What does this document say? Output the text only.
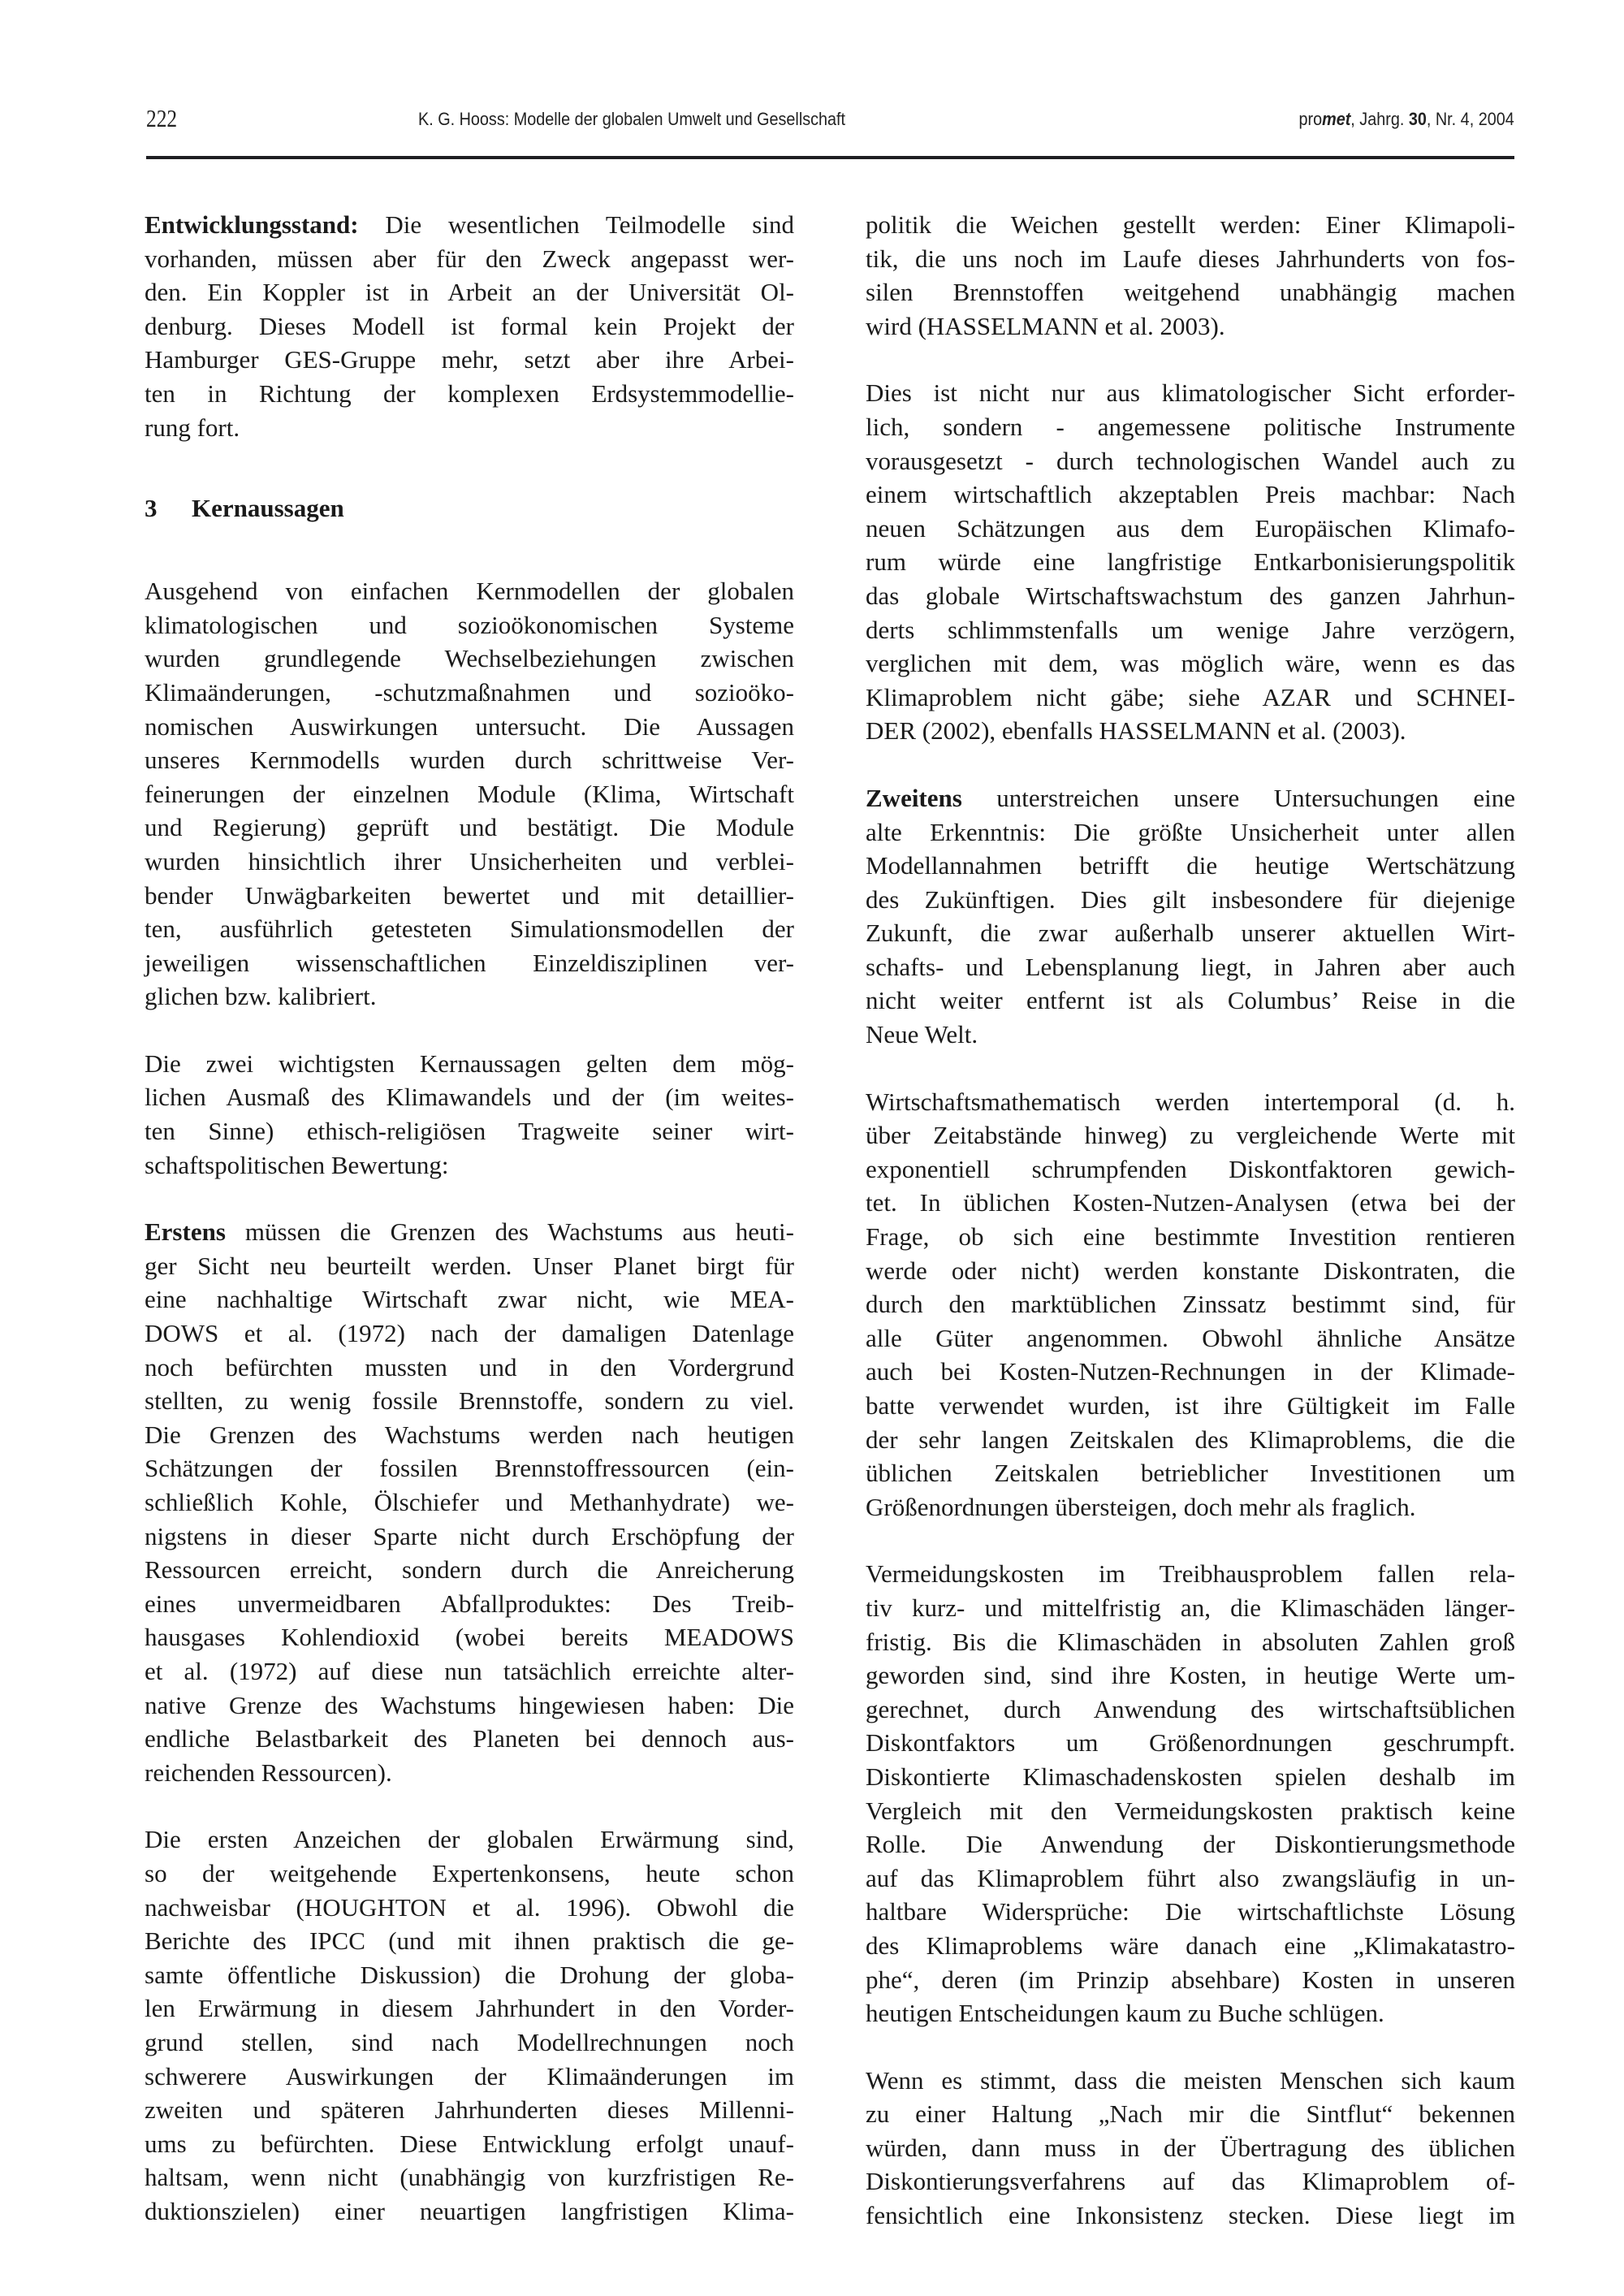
222	K. G. Hooss: Modelle der globalen Umwelt und Gesellschaft	promet, Jahrg. 30, Nr. 4, 2004
Entwicklungsstand: Die wesentlichen Teilmodelle sind
vorhanden, müssen aber für den Zweck angepasst wer-
den. Ein Koppler ist in Arbeit an der Universität Ol-
denburg. Dieses Modell ist formal kein Projekt der
Hamburger GES-Gruppe mehr, setzt aber ihre Arbei-
ten in Richtung der komplexen Erdsystemmodellie-
rung fort.
3 Kernaussagen
Ausgehend von einfachen Kernmodellen der globalen
klimatologischen und sozioökonomischen Systeme
wurden grundlegende Wechselbeziehungen zwischen
Klimaänderungen, -schutzmaßnahmen und sozioöko-
nomischen Auswirkungen untersucht. Die Aussagen
unseres Kernmodells wurden durch schrittweise Ver-
feinerungen der einzelnen Module (Klima, Wirtschaft
und Regierung) geprüft und bestätigt. Die Module
wurden hinsichtlich ihrer Unsicherheiten und verblei-
bender Unwägbarkeiten bewertet und mit detaillier-
ten, ausführlich getesteten Simulationsmodellen der
jeweiligen wissenschaftlichen Einzeldisziplinen ver-
glichen bzw. kalibriert.
Die zwei wichtigsten Kernaussagen gelten dem mög-
lichen Ausmaß des Klimawandels und der (im weites-
ten Sinne) ethisch-religiösen Tragweite seiner wirt-
schaftspolitischen Bewertung:
Erstens müssen die Grenzen des Wachstums aus heuti-
ger Sicht neu beurteilt werden. Unser Planet birgt für
eine nachhaltige Wirtschaft zwar nicht, wie MEA-
DOWS et al. (1972) nach der damaligen Datenlage
noch befürchten mussten und in den Vordergrund
stellten, zu wenig fossile Brennstoffe, sondern zu viel.
Die Grenzen des Wachstums werden nach heutigen
Schätzungen der fossilen Brennstoffressourcen (ein-
schließlich Kohle, Ölschiefer und Methanhydrate) we-
nigstens in dieser Sparte nicht durch Erschöpfung der
Ressourcen erreicht, sondern durch die Anreicherung
eines unvermeidbaren Abfallproduktes: Des Treib-
hausgases Kohlendioxid (wobei bereits MEADOWS
et al. (1972) auf diese nun tatsächlich erreichte alter-
native Grenze des Wachstums hingewiesen haben: Die
endliche Belastbarkeit des Planeten bei dennoch aus-
reichenden Ressourcen).
Die ersten Anzeichen der globalen Erwärmung sind,
so der weitgehende Expertenkonsens, heute schon
nachweisbar (HOUGHTON et al. 1996). Obwohl die
Berichte des IPCC (und mit ihnen praktisch die ge-
samte öffentliche Diskussion) die Drohung der globa-
len Erwärmung in diesem Jahrhundert in den Vorder-
grund stellen, sind nach Modellrechnungen noch
schwerere Auswirkungen der Klimaänderungen im
zweiten und späteren Jahrhunderten dieses Millenni-
ums zu befürchten. Diese Entwicklung erfolgt unauf-
haltsam, wenn nicht (unabhängig von kurzfristigen Re-
duktionszielen) einer neuartigen langfristigen Klima-
politik die Weichen gestellt werden: Einer Klimapoli-
tik, die uns noch im Laufe dieses Jahrhunderts von fos-
silen Brennstoffen weitgehend unabhängig machen
wird (HASSELMANN et al. 2003).
Dies ist nicht nur aus klimatologischer Sicht erforder-
lich, sondern - angemessene politische Instrumente
vorausgesetzt - durch technologischen Wandel auch zu
einem wirtschaftlich akzeptablen Preis machbar: Nach
neuen Schätzungen aus dem Europäischen Klimafo-
rum würde eine langfristige Entkarbonisierungspolitik
das globale Wirtschaftswachstum des ganzen Jahrhun-
derts schlimmstenfalls um wenige Jahre verzögern,
verglichen mit dem, was möglich wäre, wenn es das
Klimaproblem nicht gäbe; siehe AZAR und SCHNEI-
DER (2002), ebenfalls HASSELMANN et al. (2003).
Zweitens unterstreichen unsere Untersuchungen eine
alte Erkenntnis: Die größte Unsicherheit unter allen
Modellannahmen betrifft die heutige Wertschätzung
des Zukünftigen. Dies gilt insbesondere für diejenige
Zukunft, die zwar außerhalb unserer aktuellen Wirt-
schafts- und Lebensplanung liegt, in Jahren aber auch
nicht weiter entfernt ist als Columbus’ Reise in die
Neue Welt.
Wirtschaftsmathematisch werden intertemporal (d. h.
über Zeitabstände hinweg) zu vergleichende Werte mit
exponentiell schrumpfenden Diskontfaktoren gewich-
tet. In üblichen Kosten-Nutzen-Analysen (etwa bei der
Frage, ob sich eine bestimmte Investition rentieren
werde oder nicht) werden konstante Diskontraten, die
durch den marktüblichen Zinssatz bestimmt sind, für
alle Güter angenommen. Obwohl ähnliche Ansätze
auch bei Kosten-Nutzen-Rechnungen in der Klimade-
batte verwendet wurden, ist ihre Gültigkeit im Falle
der sehr langen Zeitskalen des Klimaproblems, die die
üblichen Zeitskalen betrieblicher Investitionen um
Größenordnungen übersteigen, doch mehr als fraglich.
Vermeidungskosten im Treibhausproblem fallen rela-
tiv kurz- und mittelfristig an, die Klimaschäden länger-
fristig. Bis die Klimaschäden in absoluten Zahlen groß
geworden sind, sind ihre Kosten, in heutige Werte um-
gerechnet, durch Anwendung des wirtschaftsüblichen
Diskontfaktors um Größenordnungen geschrumpft.
Diskontierte Klimaschadenskosten spielen deshalb im
Vergleich mit den Vermeidungskosten praktisch keine
Rolle. Die Anwendung der Diskontierungsmethode
auf das Klimaproblem führt also zwangsläufig in un-
haltbare Widersprüche: Die wirtschaftlichste Lösung
des Klimaproblems wäre danach eine „Klimakatastro-
phe“, deren (im Prinzip absehbare) Kosten in unseren
heutigen Entscheidungen kaum zu Buche schlügen.
Wenn es stimmt, dass die meisten Menschen sich kaum
zu einer Haltung „Nach mir die Sintflut“ bekennen
würden, dann muss in der Übertragung des üblichen
Diskontierungsverfahrens auf das Klimaproblem of-
fensichtlich eine Inkonsistenz stecken. Diese liegt im
